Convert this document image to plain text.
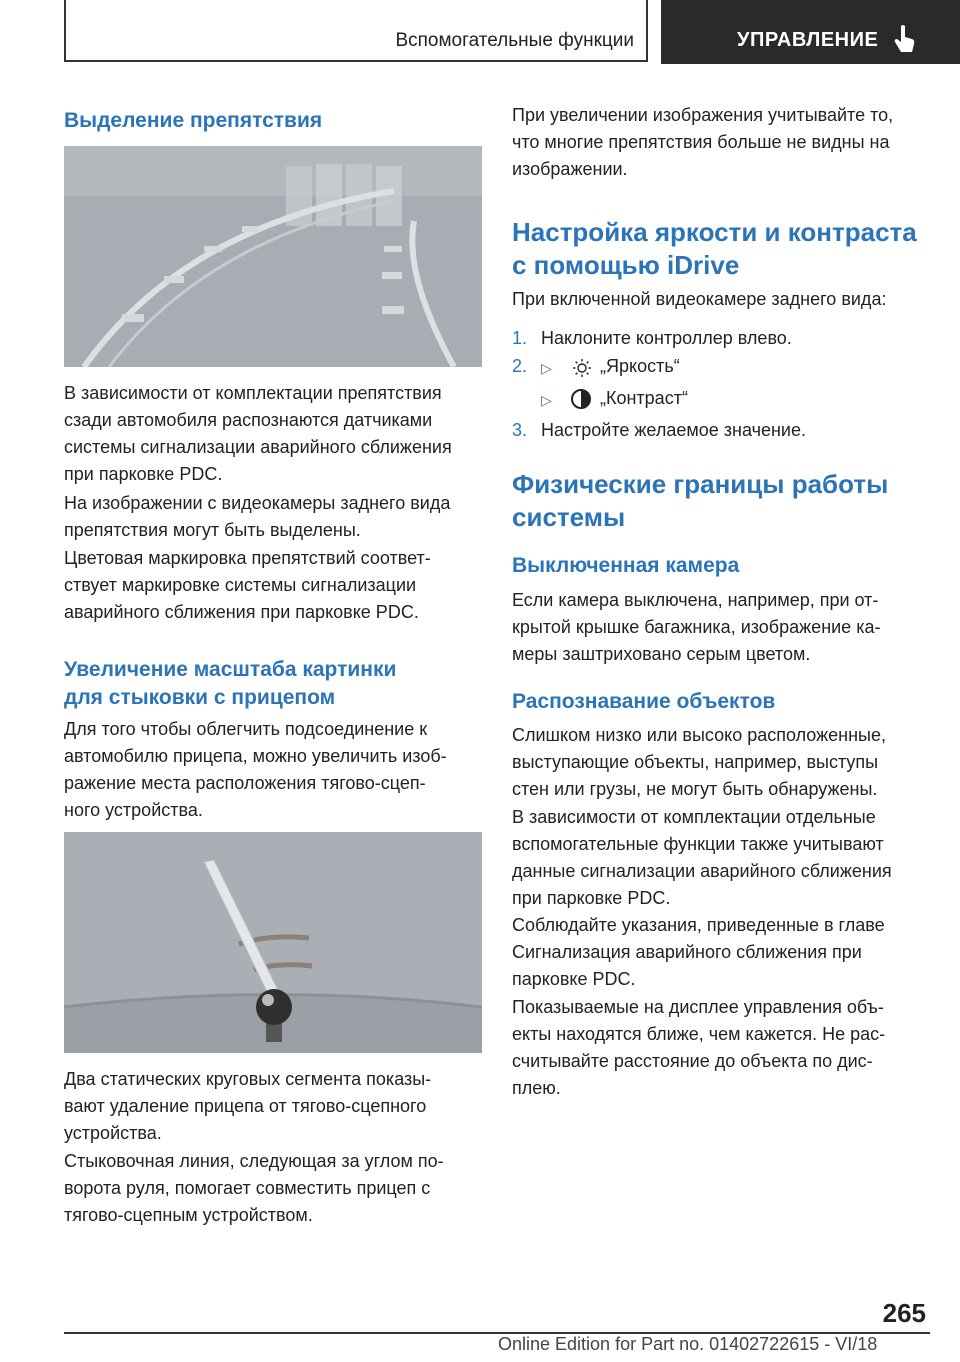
Вспомогательные функции	УПРАВЛЕНИЕ
Выделение препятствия
В зависимости от комплектации препятствия
сзади автомобиля распознаются датчиками
системы сигнализации аварийного сближения
при парковке PDC.
На изображении с видеокамеры заднего вида
препятствия могут быть выделены.
Цветовая маркировка препятствий соответ-
ствует маркировке системы сигнализации
аварийного сближения при парковке PDC.
Увеличение масштаба картинки
для стыковки с прицепом
Для того чтобы облегчить подсоединение к
автомобилю прицепа, можно увеличить изоб-
ражение места расположения тягово-сцеп-
ного устройства.
Два статических круговых сегмента показы-
вают удаление прицепа от тягово-сцепного
устройства.
Стыковочная линия, следующая за углом по-
ворота руля, помогает совместить прицеп с
тягово-сцепным устройством.
При увеличении изображения учитывайте то,
что многие препятствия больше не видны на
изображении.
Настройка яркости и контраста
с помощью iDrive
При включенной видеокамере заднего вида:
1. Наклоните контроллер влево.
2. ▷	„Яркость“
▷	„Контраст“
3. Настройте желаемое значение.
Физические границы работы
системы
Выключенная камера
Если камера выключена, например, при от-
крытой крышке багажника, изображение ка-
меры заштриховано серым цветом.
Распознавание объектов
Слишком низко или высоко расположенные,
выступающие объекты, например, выступы
стен или грузы, не могут быть обнаружены.
В зависимости от комплектации отдельные
вспомогательные функции также учитывают
данные сигнализации аварийного сближения
при парковке PDC.
Соблюдайте указания, приведенные в главе
Сигнализация аварийного сближения при
парковке PDC.
Показываемые на дисплее управления объ-
екты находятся ближе, чем кажется. Не рас-
считывайте расстояние до объекта по дис-
плею.
265
Online Edition for Part no. 01402722615 - VI/18
